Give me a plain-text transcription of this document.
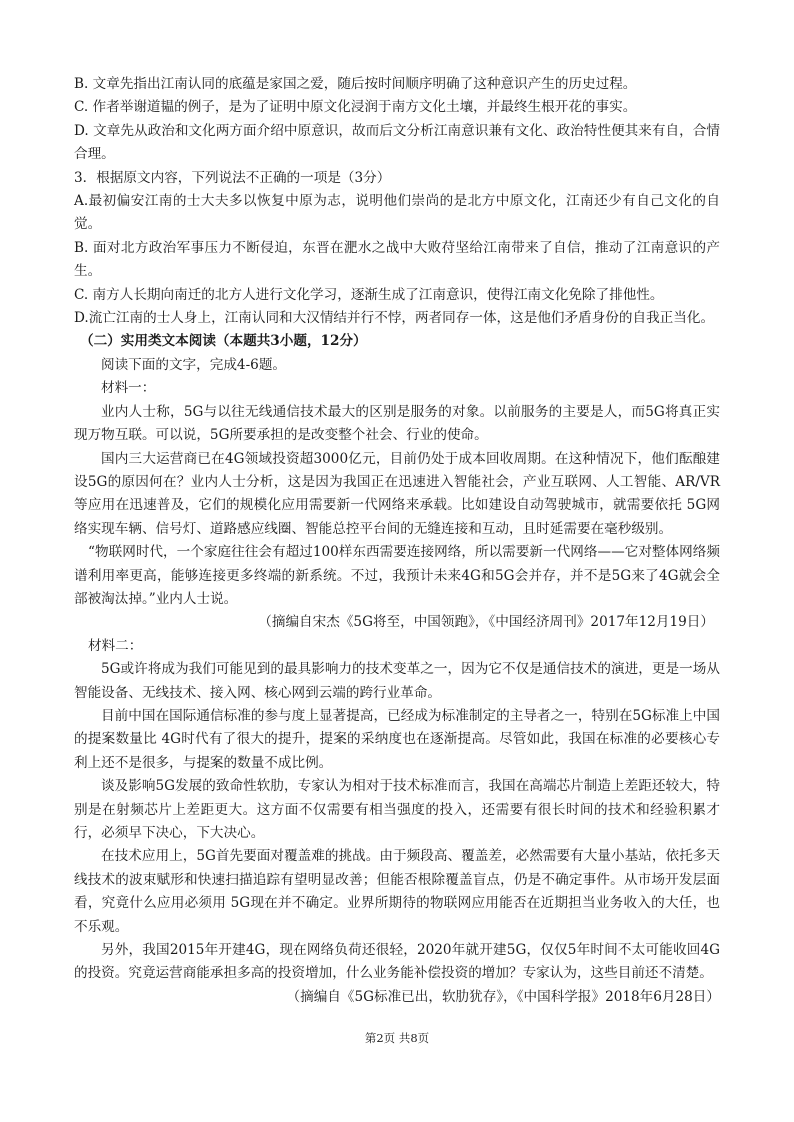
B. 文章先指出江南认同的底蕴是家国之爱，随后按时间顺序明确了这种意识产生的历史过程。

C. 作者举谢道韫的例子，是为了证明中原文化浸润于南方文化土壤，并最终生根开花的事实。

D. 文章先从政治和文化两方面介绍中原意识，故而后文分析江南意识兼有文化、政治特性便其来有自，合情合理。

3．根据原文内容，下列说法不正确的一项是（3分）

A.最初偏安江南的士大夫多以恢复中原为志，说明他们崇尚的是北方中原文化，江南还少有自己文化的自觉。

B. 面对北方政治军事压力不断侵迫，东晋在淝水之战中大败苻坚给江南带来了自信，推动了江南意识的产生。

C. 南方人长期向南迁的北方人进行文化学习，逐渐生成了江南意识，使得江南文化免除了排他性。

D.流亡江南的士人身上，江南认同和大汉情结并行不悖，两者同存一体，这是他们矛盾身份的自我正当化。

（二）实用类文本阅读（本题共3小题，12分）

阅读下面的文字，完成4-6题。

材料一：

业内人士称，5G与以往无线通信技术最大的区别是服务的对象。以前服务的主要是人，而5G将真正实现万物互联。可以说，5G所要承担的是改变整个社会、行业的使命。

国内三大运营商已在4G领域投资超3000亿元，目前仍处于成本回收周期。在这种情况下，他们酝酿建设5G的原因何在？业内人士分析，这是因为我国正在迅速进入智能社会，产业互联网、人工智能、AR/VR等应用在迅速普及，它们的规模化应用需要新一代网络来承载。比如建设自动驾驶城市，就需要依托 5G网络实现车辆、信号灯、道路感应线圈、智能总控平台间的无缝连接和互动，且时延需要在毫秒级别。

“物联网时代，一个家庭往往会有超过100样东西需要连接网络，所以需要新一代网络——它对整体网络频谱利用率更高，能够连接更多终端的新系统。不过，我预计未来4G和5G会并存，并不是5G来了4G就会全部被淘汰掉。”业内人士说。

（摘编自宋杰《5G将至，中国领跑》，《中国经济周刊》2017年12月19日）

材料二：

5G或许将成为我们可能见到的最具影响力的技术变革之一，因为它不仅是通信技术的演进，更是一场从智能设备、无线技术、接入网、核心网到云端的跨行业革命。

目前中国在国际通信标准的参与度上显著提高，已经成为标准制定的主导者之一，特别在5G标准上中国的提案数量比 4G时代有了很大的提升，提案的采纳度也在逐渐提高。尽管如此，我国在标准的必要核心专利上还不是很多，与提案的数量不成比例。

谈及影响5G发展的致命性软肋，专家认为相对于技术标准而言，我国在高端芯片制造上差距还较大，特别是在射频芯片上差距更大。这方面不仅需要有相当强度的投入，还需要有很长时间的技术和经验积累才行，必须早下决心，下大决心。

在技术应用上，5G首先要面对覆盖难的挑战。由于频段高、覆盖差，必然需要有大量小基站，依托多天线技术的波束赋形和快速扫描追踪有望明显改善；但能否根除覆盖盲点，仍是不确定事件。从市场开发层面看，究竟什么应用必须用 5G现在并不确定。业界所期待的物联网应用能否在近期担当业务收入的大任，也不乐观。

另外，我国2015年开建4G，现在网络负荷还很轻，2020年就开建5G，仅仅5年时间不太可能收回4G的投资。究竟运营商能承担多高的投资增加，什么业务能补偿投资的增加？专家认为，这些目前还不清楚。

（摘编自《5G标准已出，软肋犹存》，《中国科学报》2018年6月28日）

第2页 共8页
